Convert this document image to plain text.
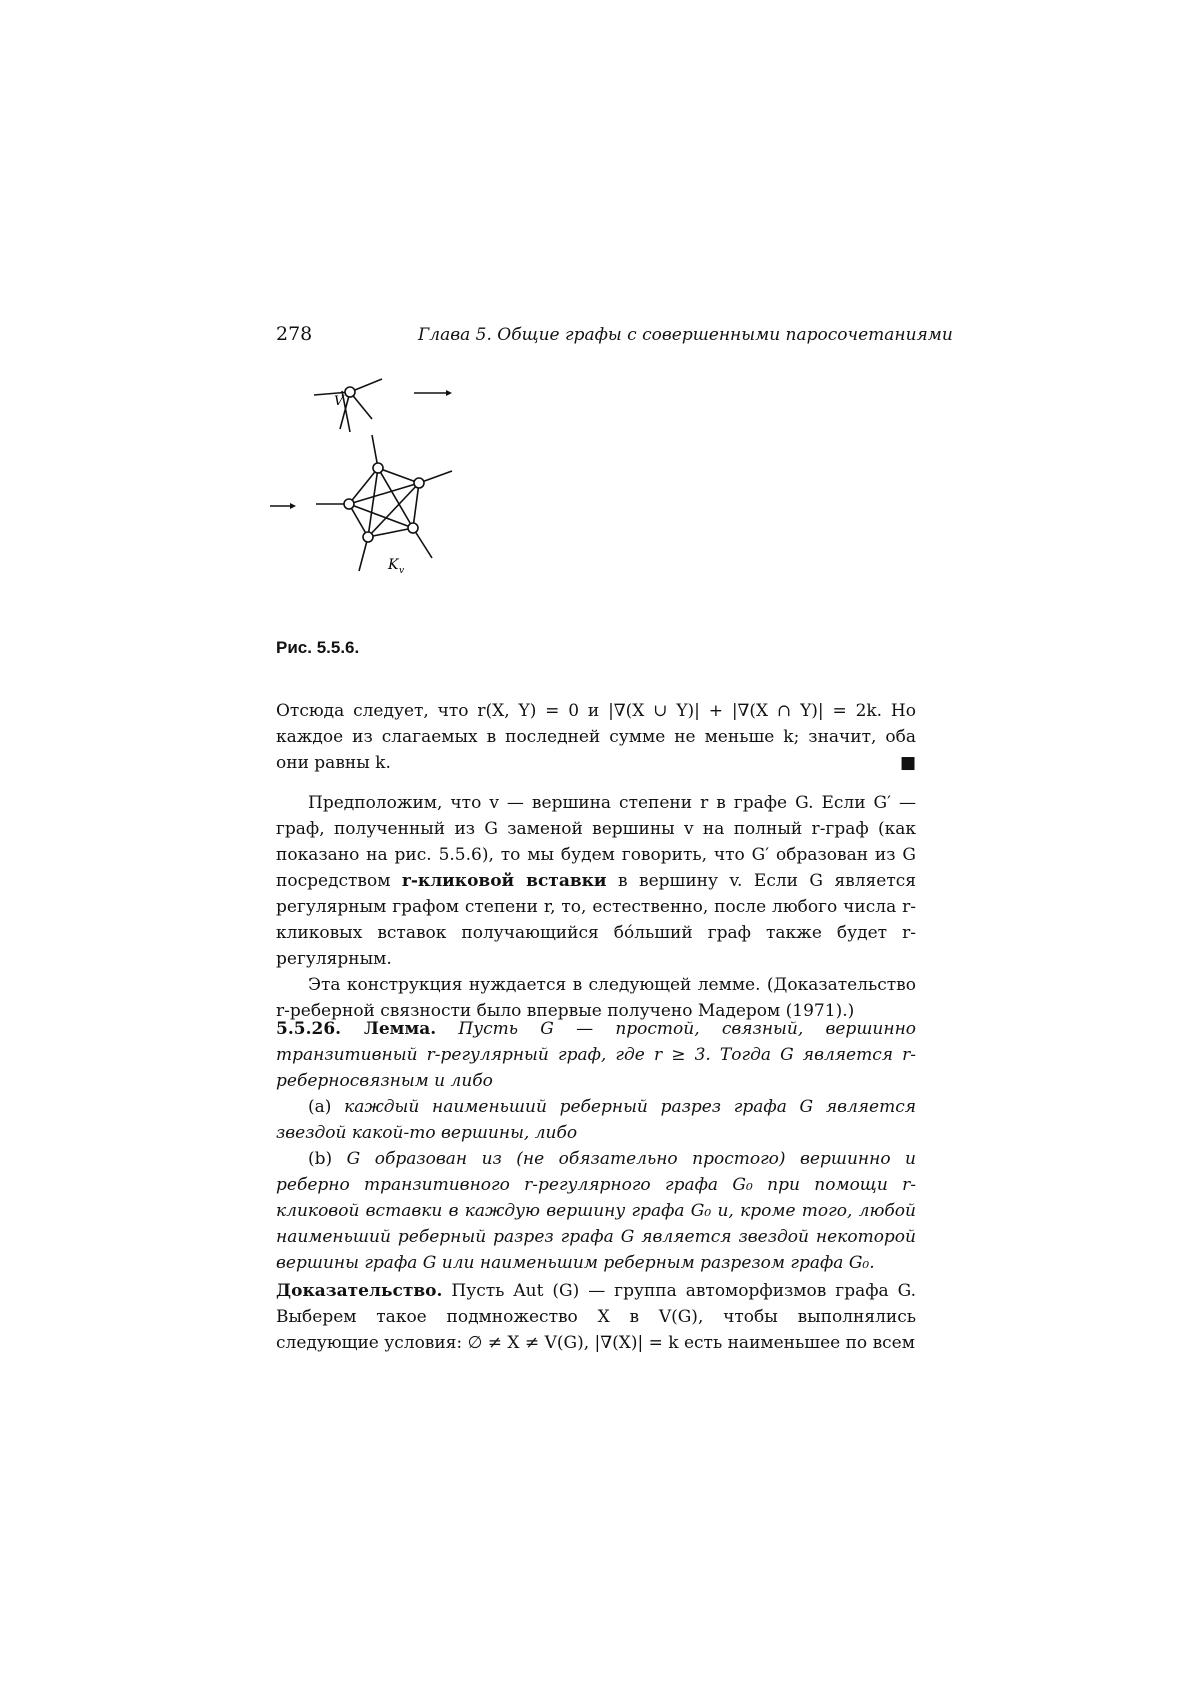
278	Глава 5. Общие графы с совершенными паросочетаниями
V
K v
Рис. 5.5.6.

Отсюда следует, что r(X, Y) = 0 и |∇(X ∪ Y)| + |∇(X ∩ Y)| = 2k. Но каждое из слагаемых в последней сумме не меньше k; значит, оба они равны k.	■

Предположим, что v — вершина степени r в графе G. Если G′ — граф, полученный из G заменой вершины v на полный r-граф (как показано на рис. 5.5.6), то мы будем говорить, что G′ образован из G посредством r-кликовой вставки в вершину v. Если G является регулярным графом степени r, то, естественно, после любого числа r-кликовых вставок получающийся бо́льший граф также будет r-регулярным.

Эта конструкция нуждается в следующей лемме. (Доказательство r-реберной связности было впервые получено Мадером (1971).)

5.5.26. Лемма. Пусть G — простой, связный, вершинно транзитивный r-регулярный граф, где r ≥ 3. Тогда G является r-реберносвязным и либо

(a) каждый наименьший реберный разрез графа G является звездой какой-то вершины, либо

(b) G образован из (не обязательно простого) вершинно и реберно транзитивного r-регулярного графа G₀ при помощи r-кликовой вставки в каждую вершину графа G₀ и, кроме того, любой наименьший реберный разрез графа G является звездой некоторой вершины графа G или наименьшим реберным разрезом графа G₀.

Доказательство. Пусть Aut (G) — группа автоморфизмов графа G. Выберем такое подмножество X в V(G), чтобы выполнялись следующие условия: ∅ ≠ X ≠ V(G), |∇(X)| = k есть наименьшее по всем
